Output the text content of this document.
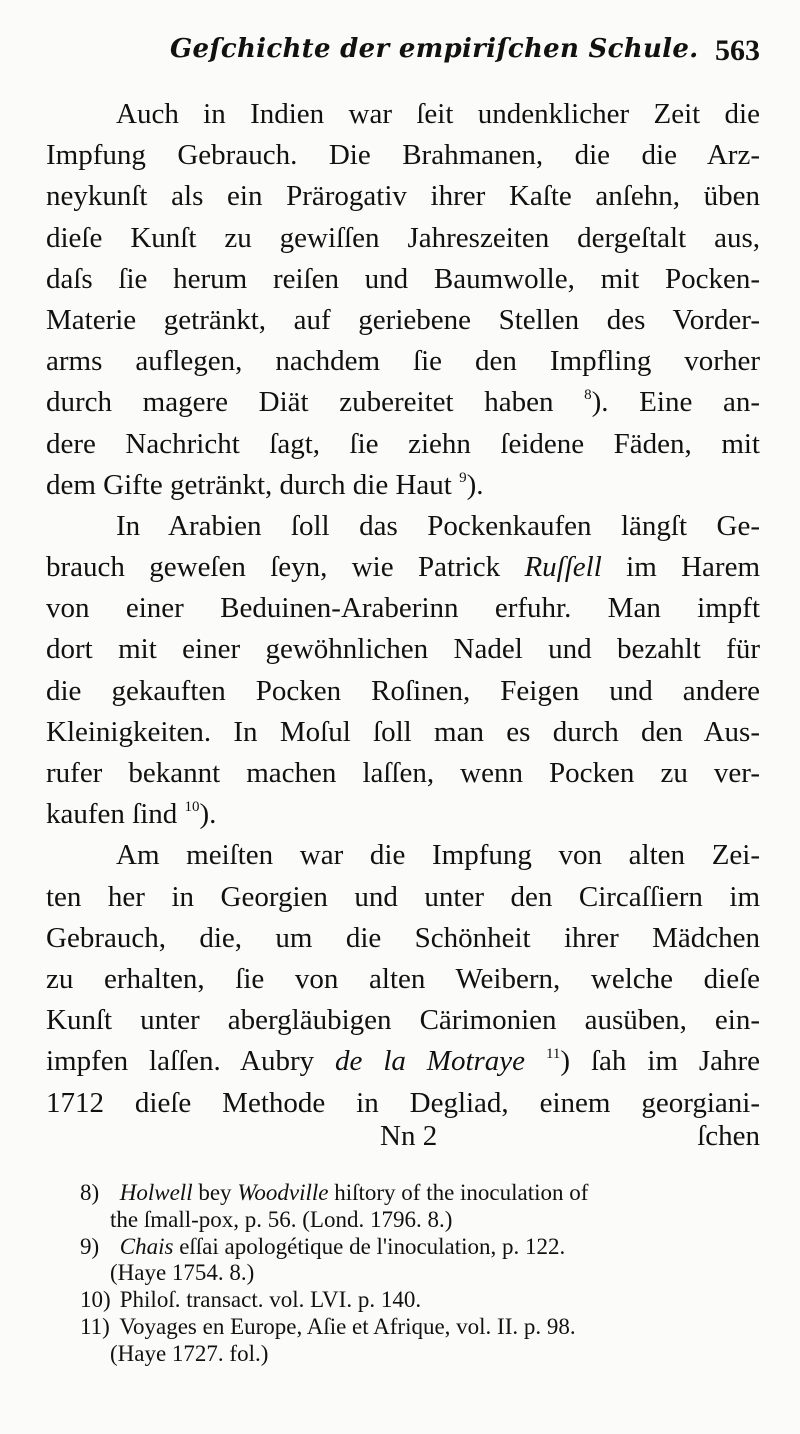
Geſchichte der empiriſchen Schule. 563
Auch in Indien war ſeit undenklicher Zeit die
Impfung Gebrauch. Die Brahmanen, die die Arz-
neykunſt als ein Prärogativ ihrer Kaſte anſehn, üben
dieſe Kunſt zu gewiſſen Jahreszeiten dergeſtalt aus,
daſs ſie herum reiſen und Baumwolle, mit Pocken-
Materie getränkt, auf geriebene Stellen des Vorder-
arms auflegen, nachdem ſie den Impfling vorher
durch magere Diät zubereitet haben $^8$). Eine an-
dere Nachricht ſagt, ſie ziehn ſeidene Fäden, mit
dem Gifte getränkt, durch die Haut $^9$).
In Arabien ſoll das Pockenkaufen längſt Ge-
brauch geweſen ſeyn, wie Patrick Ruſſell im Harem
von einer Beduinen-Araberinn erfuhr. Man impft
dort mit einer gewöhnlichen Nadel und bezahlt für
die gekauften Pocken Roſinen, Feigen und andere
Kleinigkeiten. In Moſul ſoll man es durch den Aus-
rufer bekannt machen laſſen, wenn Pocken zu ver-
kaufen ſind $^{10}$).
Am meiſten war die Impfung von alten Zei-
ten her in Georgien und unter den Circaſſiern im
Gebrauch, die, um die Schönheit ihrer Mädchen
zu erhalten, ſie von alten Weibern, welche dieſe
Kunſt unter abergläubigen Cärimonien ausüben, ein-
impfen laſſen. Aubry de la Motraye $^{11}$) ſah im Jahre
1712 dieſe Methode in Degliad, einem georgiani-
Nn 2	ſchen
8) Holwell bey Woodville hiſtory of the inoculation of
the ſmall-pox, p. 56. (Lond. 1796. 8.)
9) Chais eſſai apologétique de l'inoculation, p. 122.
(Haye 1754. 8.)
10) Philoſ. transact. vol. LVI. p. 140.
11) Voyages en Europe, Aſie et Afrique, vol. II. p. 98.
(Haye 1727. fol.)
